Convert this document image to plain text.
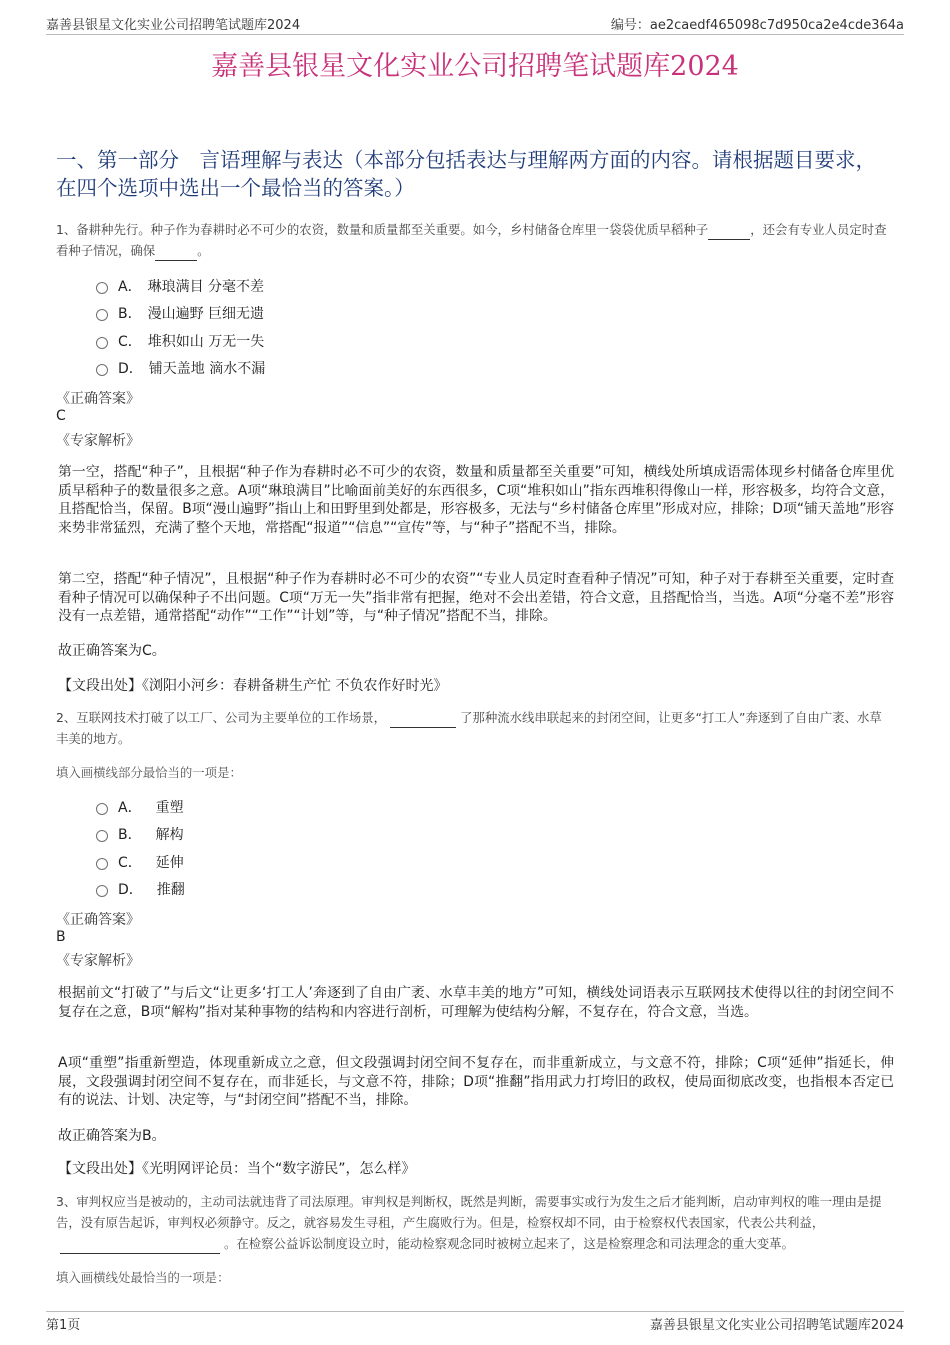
嘉善县银星文化实业公司招聘笔试题库2024	编号：ae2caedf465098c7d950ca2e4cde364a
嘉善县银星文化实业公司招聘笔试题库2024
一、第一部分　言语理解与表达（本部分包括表达与理解两方面的内容。请根据题目要求，在四个选项中选出一个最恰当的答案。）
1、备耕种先行。种子作为春耕时必不可少的农资，数量和质量都至关重要。如今，乡村储备仓库里一袋袋优质早稻种子	，还会有专业人员定时查看种子情况，确保	。
A． 琳琅满目 分毫不差
B． 漫山遍野 巨细无遗
C． 堆积如山 万无一失
D． 铺天盖地 滴水不漏
《正确答案》
C
《专家解析》
第一空，搭配“种子”，且根据“种子作为春耕时必不可少的农资，数量和质量都至关重要”可知，横线处所填成语需体现乡村储备仓库里优质早稻种子的数量很多之意。A项“琳琅满目”比喻面前美好的东西很多，C项“堆积如山”指东西堆积得像山一样，形容极多，均符合文意，且搭配恰当，保留。B项“漫山遍野”指山上和田野里到处都是，形容极多，无法与“乡村储备仓库里”形成对应，排除；D项“铺天盖地”形容来势非常猛烈，充满了整个天地，常搭配“报道”“信息”“宣传”等，与“种子”搭配不当，排除。
第二空，搭配“种子情况”，且根据“种子作为春耕时必不可少的农资”“专业人员定时查看种子情况”可知，种子对于春耕至关重要，定时查看种子情况可以确保种子不出问题。C项“万无一失”指非常有把握，绝对不会出差错，符合文意，且搭配恰当，当选。A项“分毫不差”形容没有一点差错，通常搭配“动作”“工作”“计划”等，与“种子情况”搭配不当，排除。
故正确答案为C。
【文段出处】《浏阳小河乡：春耕备耕生产忙 不负农作好时光》
2、互联网技术打破了以工厂、公司为主要单位的工作场景，	了那种流水线串联起来的封闭空间，让更多“打工人”奔逐到了自由广袤、水草丰美的地方。
填入画横线部分最恰当的一项是：
A． 重塑
B． 解构
C． 延伸
D． 推翻
《正确答案》
B
《专家解析》
根据前文“打破了”与后文“让更多‘打工人’奔逐到了自由广袤、水草丰美的地方”可知，横线处词语表示互联网技术使得以往的封闭空间不复存在之意，B项“解构”指对某种事物的结构和内容进行剖析，可理解为使结构分解，不复存在，符合文意，当选。
A项“重塑”指重新塑造，体现重新成立之意，但文段强调封闭空间不复存在，而非重新成立，与文意不符，排除；C项“延伸”指延长，伸展，文段强调封闭空间不复存在，而非延长，与文意不符，排除；D项“推翻”指用武力打垮旧的政权，使局面彻底改变，也指根本否定已有的说法、计划、决定等，与“封闭空间”搭配不当，排除。
故正确答案为B。
【文段出处】《光明网评论员：当个“数字游民”，怎么样》
3、审判权应当是被动的，主动司法就违背了司法原理。审判权是判断权，既然是判断，需要事实或行为发生之后才能判断，启动审判权的唯一理由是提告，没有原告起诉，审判权必须静守。反之，就容易发生寻租，产生腐败行为。但是，检察权却不同，由于检察权代表国家，代表公共利益，。在检察公益诉讼制度设立时，能动检察观念同时被树立起来了，这是检察理念和司法理念的重大变革。
填入画横线处最恰当的一项是：
第1页	嘉善县银星文化实业公司招聘笔试题库2024
